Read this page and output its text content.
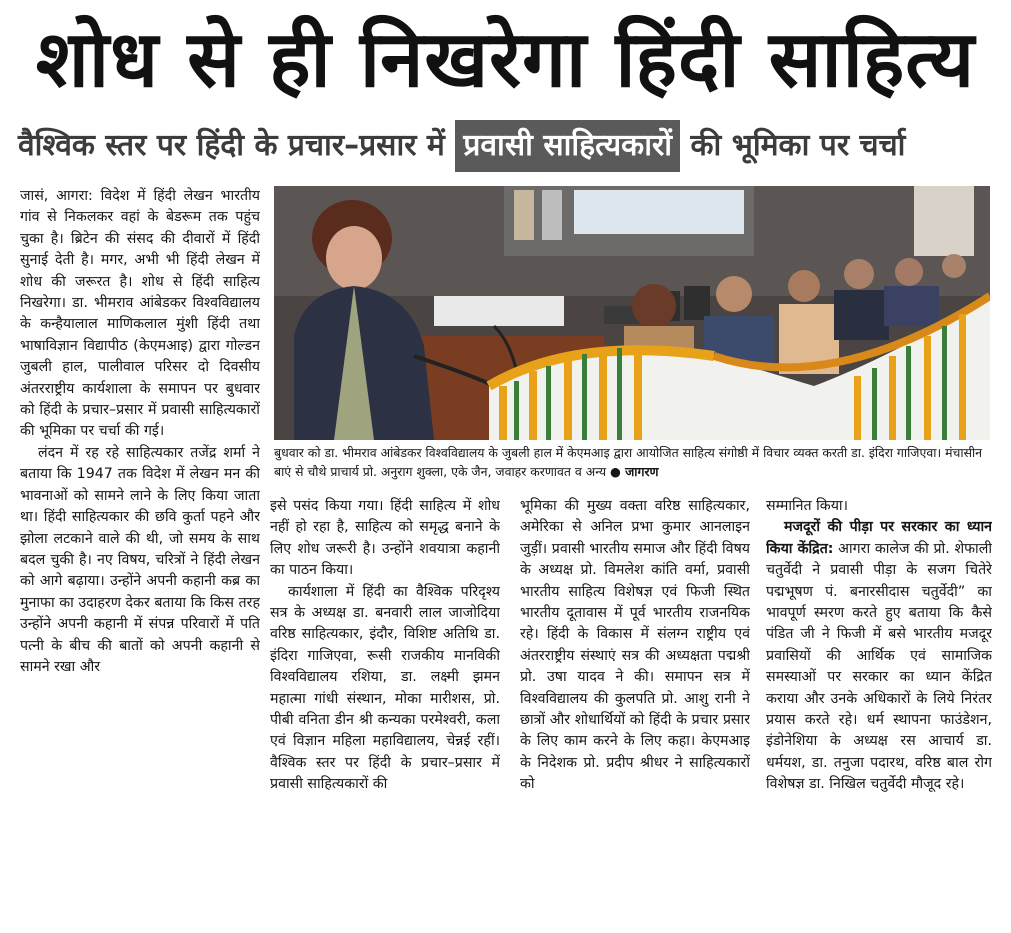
शोध से ही निखरेगा हिंदी साहित्य
वैश्विक स्तर पर हिंदी के प्रचार–प्रसार में प्रवासी साहित्यकारों की भूमिका पर चर्चा

जासं, आगरा: विदेश में हिंदी लेखन भारतीय गांव से निकलकर वहां के बेडरूम तक पहुंच चुका है। ब्रिटेन की संसद की दीवारों में हिंदी सुनाई देती है। मगर, अभी भी हिंदी लेखन में शोध की जरूरत है। शोध से हिंदी साहित्य निखरेगा। डा. भीमराव आंबेडकर विश्वविद्यालय के कन्हैयालाल माणिकलाल मुंशी हिंदी तथा भाषाविज्ञान विद्यापीठ (केएमआइ) द्वारा गोल्डन जुबली हाल, पालीवाल परिसर दो दिवसीय अंतरराष्ट्रीय कार्यशाला के समापन पर बुधवार को हिंदी के प्रचार–प्रसार में प्रवासी साहित्यकारों की भूमिका पर चर्चा की गई।

लंदन में रह रहे साहित्यकार तजेंद्र शर्मा ने बताया कि 1947 तक विदेश में लेखन मन की भावनाओं को सामने लाने के लिए किया जाता था। हिंदी साहित्यकार की छवि कुर्ता पहने और झोला लटकाने वाले की थी, जो समय के साथ बदल चुकी है। नए विषय, चरित्रों ने हिंदी लेखन को आगे बढ़ाया। उन्होंने अपनी कहानी कब्र का मुनाफा का उदाहरण देकर बताया कि किस तरह उन्होंने अपनी कहानी में संपन्न परिवारों में पति पत्नी के बीच की बातों को अपनी कहानी से सामने रखा और

बुधवार को डा. भीमराव आंबेडकर विश्वविद्यालय के जुबली हाल में केएमआइ द्वारा आयोजित साहित्य संगोष्ठी में विचार व्यक्त करती डा. इंदिरा गाजिएवा। मंचासीन बाएं से चौथे प्राचार्य प्रो. अनुराग शुक्ला, एके जैन, जवाहर करणावत व अन्य ● जागरण

इसे पसंद किया गया। हिंदी साहित्य में शोध नहीं हो रहा है, साहित्य को समृद्ध बनाने के लिए शोध जरूरी है। उन्होंने शवयात्रा कहानी का पाठन किया।

कार्यशाला में हिंदी का वैश्विक परिदृश्य सत्र के अध्यक्ष डा. बनवारी लाल जाजोदिया वरिष्ठ साहित्यकार, इंदौर, विशिष्ट अतिथि डा. इंदिरा गाजिएवा, रूसी राजकीय मानविकी विश्वविद्यालय रशिया, डा. लक्ष्मी झमन महात्मा गांधी संस्थान, मोका मारीशस, प्रो. पीबी वनिता डीन श्री कन्यका परमेश्वरी, कला एवं विज्ञान महिला महाविद्यालय, चेन्नई रहीं। वैश्विक स्तर पर हिंदी के प्रचार–प्रसार में प्रवासी साहित्यकारों की

भूमिका की मुख्य वक्ता वरिष्ठ साहित्यकार, अमेरिका से अनिल प्रभा कुमार आनलाइन जुड़ीं। प्रवासी भारतीय समाज और हिंदी विषय के अध्यक्ष प्रो. विमलेश कांति वर्मा, प्रवासी भारतीय साहित्य विशेषज्ञ एवं फिजी स्थित भारतीय दूतावास में पूर्व भारतीय राजनयिक रहे। हिंदी के विकास में संलग्न राष्ट्रीय एवं अंतरराष्ट्रीय संस्थाएं सत्र की अध्यक्षता पद्मश्री प्रो. उषा यादव ने की। समापन सत्र में विश्वविद्यालय की कुलपति प्रो. आशु रानी ने छात्रों और शोधार्थियों को हिंदी के प्रचार प्रसार के लिए काम करने के लिए कहा। केएमआइ के निदेशक प्रो. प्रदीप श्रीधर ने साहित्यकारों को

सम्मानित किया।

मजदूरों की पीड़ा पर सरकार का ध्यान किया केंद्रित: आगरा कालेज की प्रो. शेफाली चतुर्वेदी ने प्रवासी पीड़ा के सजग चितेरे पद्मभूषण पं. बनारसीदास चतुर्वेदी” का भावपूर्ण स्मरण करते हुए बताया कि कैसे पंडित जी ने फिजी में बसे भारतीय मजदूर प्रवासियों की आर्थिक एवं सामाजिक समस्याओं पर सरकार का ध्यान केंद्रित कराया और उनके अधिकारों के लिये निरंतर प्रयास करते रहे। धर्म स्थापना फाउंडेशन, इंडोनेशिया के अध्यक्ष रस आचार्य डा. धर्मयश, डा. तनुजा पदारथ, वरिष्ठ बाल रोग विशेषज्ञ डा. निखिल चतुर्वेदी मौजूद रहे।
